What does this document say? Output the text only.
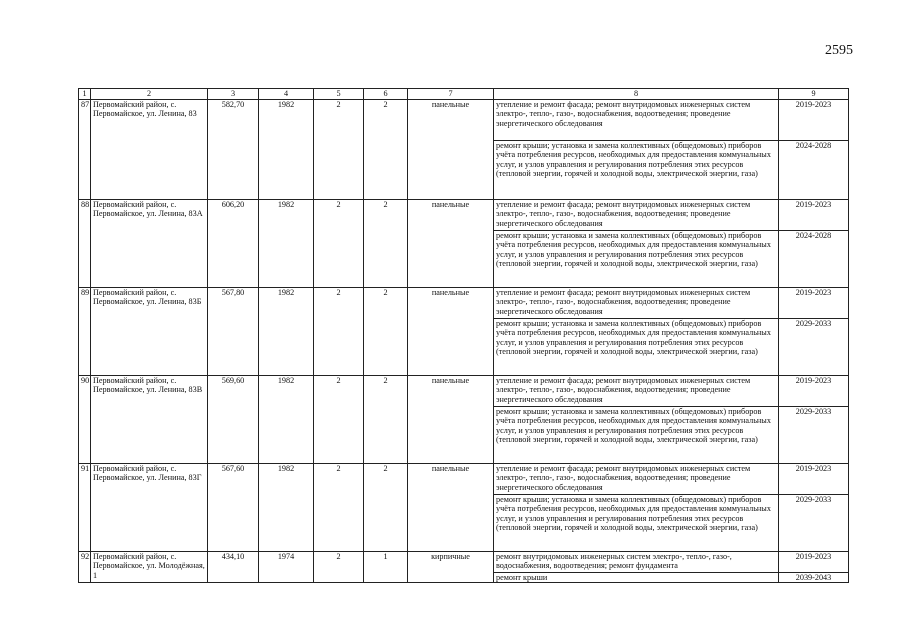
2595
1	2	3	4	5	6	7	8	9
87	Первомайский район, с. Первомайское, ул. Ленина, 83	582,70	1982	2	2	панельные	утепление и ремонт фасада; ремонт внутридомовых инженерных систем электро-, тепло-, газо-, водоснабжения, водоотведения; проведение энергетического обследования	2019-2023
							ремонт крыши; установка и замена коллективных (общедомовых) приборов учёта потребления ресурсов, необходимых для предоставления коммунальных услуг, и узлов управления и регулирования потребления этих ресурсов (тепловой энергии, горячей и холодной воды, электрической энергии, газа)	2024-2028
88	Первомайский район, с. Первомайское, ул. Ленина, 83А	606,20	1982	2	2	панельные	утепление и ремонт фасада; ремонт внутридомовых инженерных систем электро-, тепло-, газо-, водоснабжения, водоотведения; проведение энергетического обследования	2019-2023
							ремонт крыши; установка и замена коллективных (общедомовых) приборов учёта потребления ресурсов, необходимых для предоставления коммунальных услуг, и узлов управления и регулирования потребления этих ресурсов (тепловой энергии, горячей и холодной воды, электрической энергии, газа)	2024-2028
89	Первомайский район, с. Первомайское, ул. Ленина, 83Б	567,80	1982	2	2	панельные	утепление и ремонт фасада; ремонт внутридомовых инженерных систем электро-, тепло-, газо-, водоснабжения, водоотведения; проведение энергетического обследования	2019-2023
							ремонт крыши; установка и замена коллективных (общедомовых) приборов учёта потребления ресурсов, необходимых для предоставления коммунальных услуг, и узлов управления и регулирования потребления этих ресурсов (тепловой энергии, горячей и холодной воды, электрической энергии, газа)	2029-2033
90	Первомайский район, с. Первомайское, ул. Ленина, 83В	569,60	1982	2	2	панельные	утепление и ремонт фасада; ремонт внутридомовых инженерных систем электро-, тепло-, газо-, водоснабжения, водоотведения; проведение энергетического обследования	2019-2023
							ремонт крыши; установка и замена коллективных (общедомовых) приборов учёта потребления ресурсов, необходимых для предоставления коммунальных услуг, и узлов управления и регулирования потребления этих ресурсов (тепловой энергии, горячей и холодной воды, электрической энергии, газа)	2029-2033
91	Первомайский район, с. Первомайское, ул. Ленина, 83Г	567,60	1982	2	2	панельные	утепление и ремонт фасада; ремонт внутридомовых инженерных систем электро-, тепло-, газо-, водоснабжения, водоотведения; проведение энергетического обследования	2019-2023
							ремонт крыши; установка и замена коллективных (общедомовых) приборов учёта потребления ресурсов, необходимых для предоставления коммунальных услуг, и узлов управления и регулирования потребления этих ресурсов (тепловой энергии, горячей и холодной воды, электрической энергии, газа)	2029-2033
92	Первомайский район, с. Первомайское, ул. Молодёжная, 1	434,10	1974	2	1	кирпичные	ремонт внутридомовых инженерных систем электро-, тепло-, газо-, водоснабжения, водоотведения; ремонт фундамента	2019-2023
							ремонт крыши	2039-2043
